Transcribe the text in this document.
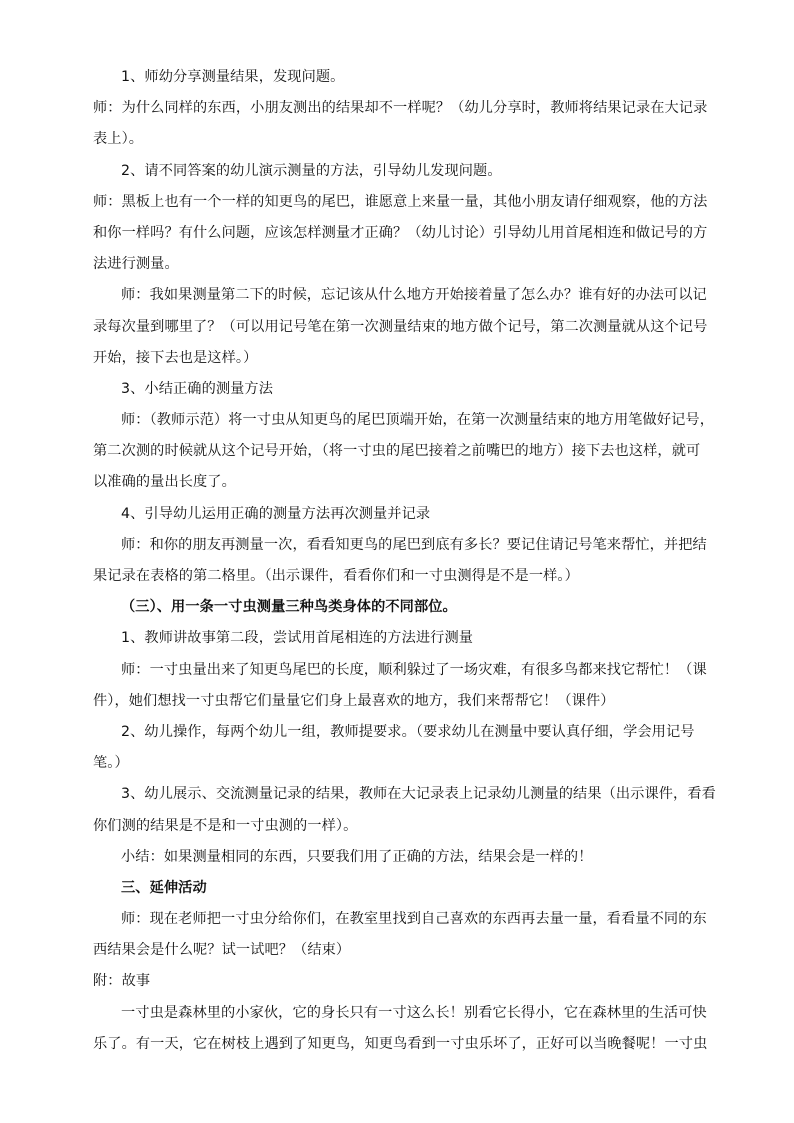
1、师幼分享测量结果，发现问题。
师：为什么同样的东西，小朋友测出的结果却不一样呢？（幼儿分享时，教师将结果记录在大记录
表上）。
2、请不同答案的幼儿演示测量的方法，引导幼儿发现问题。
师：黑板上也有一个一样的知更鸟的尾巴，谁愿意上来量一量，其他小朋友请仔细观察，他的方法
和你一样吗？有什么问题，应该怎样测量才正确？（幼儿讨论）引导幼儿用首尾相连和做记号的方
法进行测量。
师：我如果测量第二下的时候，忘记该从什么地方开始接着量了怎么办？谁有好的办法可以记
录每次量到哪里了？（可以用记号笔在第一次测量结束的地方做个记号，第二次测量就从这个记号
开始，接下去也是这样。）
3、小结正确的测量方法
师：（教师示范）将一寸虫从知更鸟的尾巴顶端开始，在第一次测量结束的地方用笔做好记号，
第二次测的时候就从这个记号开始，（将一寸虫的尾巴接着之前嘴巴的地方）接下去也这样，就可
以准确的量出长度了。
4、引导幼儿运用正确的测量方法再次测量并记录
师：和你的朋友再测量一次，看看知更鸟的尾巴到底有多长？要记住请记号笔来帮忙，并把结
果记录在表格的第二格里。（出示课件，看看你们和一寸虫测得是不是一样。）
（三）、用一条一寸虫测量三种鸟类身体的不同部位。
1、教师讲故事第二段，尝试用首尾相连的方法进行测量
师：一寸虫量出来了知更鸟尾巴的长度，顺利躲过了一场灾难，有很多鸟都来找它帮忙！（课
件），她们想找一寸虫帮它们量量它们身上最喜欢的地方，我们来帮帮它！（课件）
2、幼儿操作，每两个幼儿一组，教师提要求。（要求幼儿在测量中要认真仔细，学会用记号
笔。）
3、幼儿展示、交流测量记录的结果，教师在大记录表上记录幼儿测量的结果（出示课件，看看
你们测的结果是不是和一寸虫测的一样）。
小结：如果测量相同的东西，只要我们用了正确的方法，结果会是一样的！
三、延伸活动
师：现在老师把一寸虫分给你们，在教室里找到自己喜欢的东西再去量一量，看看量不同的东
西结果会是什么呢？试一试吧？（结束）
附：故事
一寸虫是森林里的小家伙，它的身长只有一寸这么长！别看它长得小，它在森林里的生活可快
乐了。有一天，它在树枝上遇到了知更鸟，知更鸟看到一寸虫乐坏了，正好可以当晚餐呢！一寸虫
